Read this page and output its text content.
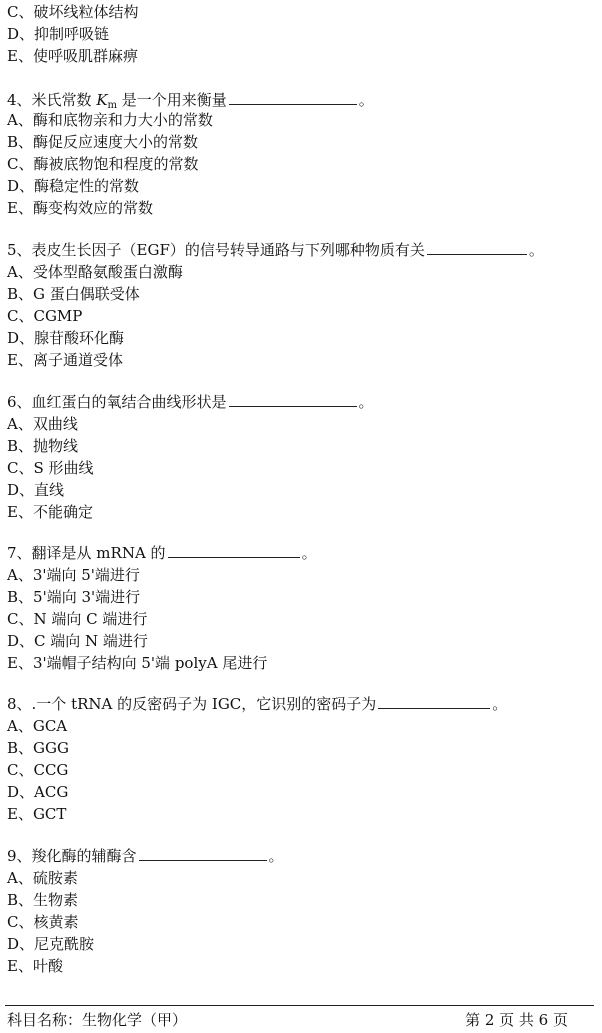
C、破坏线粒体结构
D、抑制呼吸链
E、使呼吸肌群麻痹
4、米氏常数 $K_m$ 是一个用来衡量	。
A、酶和底物亲和力大小的常数
B、酶促反应速度大小的常数
C、酶被底物饱和程度的常数
D、酶稳定性的常数
E、酶变构效应的常数
5、表皮生长因子（EGF）的信号转导通路与下列哪种物质有关	。
A、受体型酪氨酸蛋白激酶
B、G 蛋白偶联受体
C、CGMP
D、腺苷酸环化酶
E、离子通道受体
6、血红蛋白的氧结合曲线形状是	。
A、双曲线
B、抛物线
C、S 形曲线
D、直线
E、不能确定
7、翻译是从 mRNA 的	。
A、3'端向 5'端进行
B、5'端向 3'端进行
C、N 端向 C 端进行
D、C 端向 N 端进行
E、3'端帽子结构向 5'端 polyA 尾进行
8、.一个 tRNA 的反密码子为 IGC，它识别的密码子为	。
A、GCA
B、GGG
C、CCG
D、ACG
E、GCT
9、羧化酶的辅酶含	。
A、硫胺素
B、生物素
C、核黄素
D、尼克酰胺
E、叶酸
科目名称：生物化学（甲）	第 2 页 共 6 页
